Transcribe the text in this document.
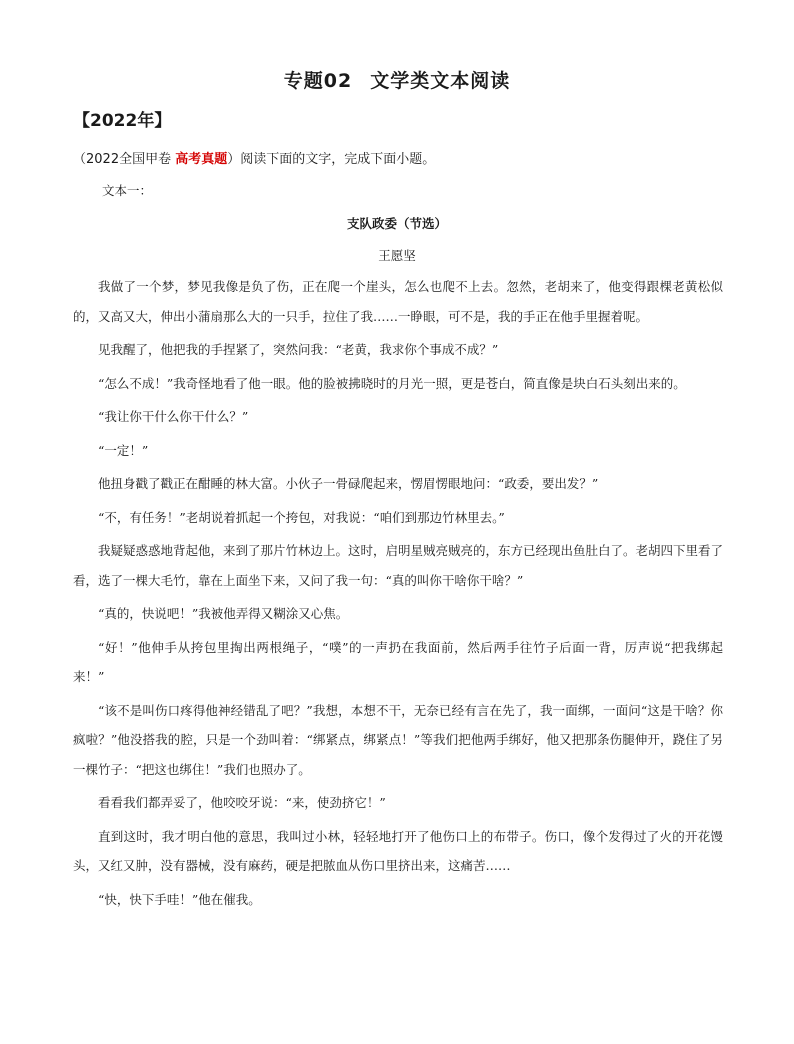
专题02 文学类文本阅读
【2022年】
（2022全国甲卷 高考真题）阅读下面的文字，完成下面小题。
文本一：
支队政委（节选）
王愿坚

我做了一个梦，梦见我像是负了伤，正在爬一个崖头，怎么也爬不上去。忽然，老胡来了，他变得跟棵老黄松似的，又高又大，伸出小蒲扇那么大的一只手，拉住了我……一睁眼，可不是，我的手正在他手里握着呢。

见我醒了，他把我的手捏紧了，突然问我：“老黄，我求你个事成不成？”

“怎么不成！”我奇怪地看了他一眼。他的脸被拂晓时的月光一照，更是苍白，简直像是块白石头刻出来的。

“我让你干什么你干什么？”

“一定！”

他扭身戳了戳正在酣睡的林大富。小伙子一骨碌爬起来，愣眉愣眼地问：“政委，要出发？”

“不，有任务！”老胡说着抓起一个挎包，对我说：“咱们到那边竹林里去。”

我疑疑惑惑地背起他，来到了那片竹林边上。这时，启明星贼亮贼亮的，东方已经现出鱼肚白了。老胡四下里看了看，选了一棵大毛竹，靠在上面坐下来，又问了我一句：“真的叫你干啥你干啥？”

“真的，快说吧！”我被他弄得又糊涂又心焦。

“好！”他伸手从挎包里掏出两根绳子，“噗”的一声扔在我面前，然后两手往竹子后面一背，厉声说“把我绑起来！”

“该不是叫伤口疼得他神经错乱了吧？”我想，本想不干，无奈已经有言在先了，我一面绑，一面问“这是干啥？你疯啦？”他没搭我的腔，只是一个劲叫着：“绑紧点，绑紧点！”等我们把他两手绑好，他又把那条伤腿伸开，跷住了另一棵竹子：“把这也绑住！”我们也照办了。

看看我们都弄妥了，他咬咬牙说：“来，使劲挤它！”

直到这时，我才明白他的意思，我叫过小林，轻轻地打开了他伤口上的布带子。伤口，像个发得过了火的开花馒头，又红又肿，没有器械，没有麻药，硬是把脓血从伤口里挤出来，这痛苦……

“快，快下手哇！”他在催我。
